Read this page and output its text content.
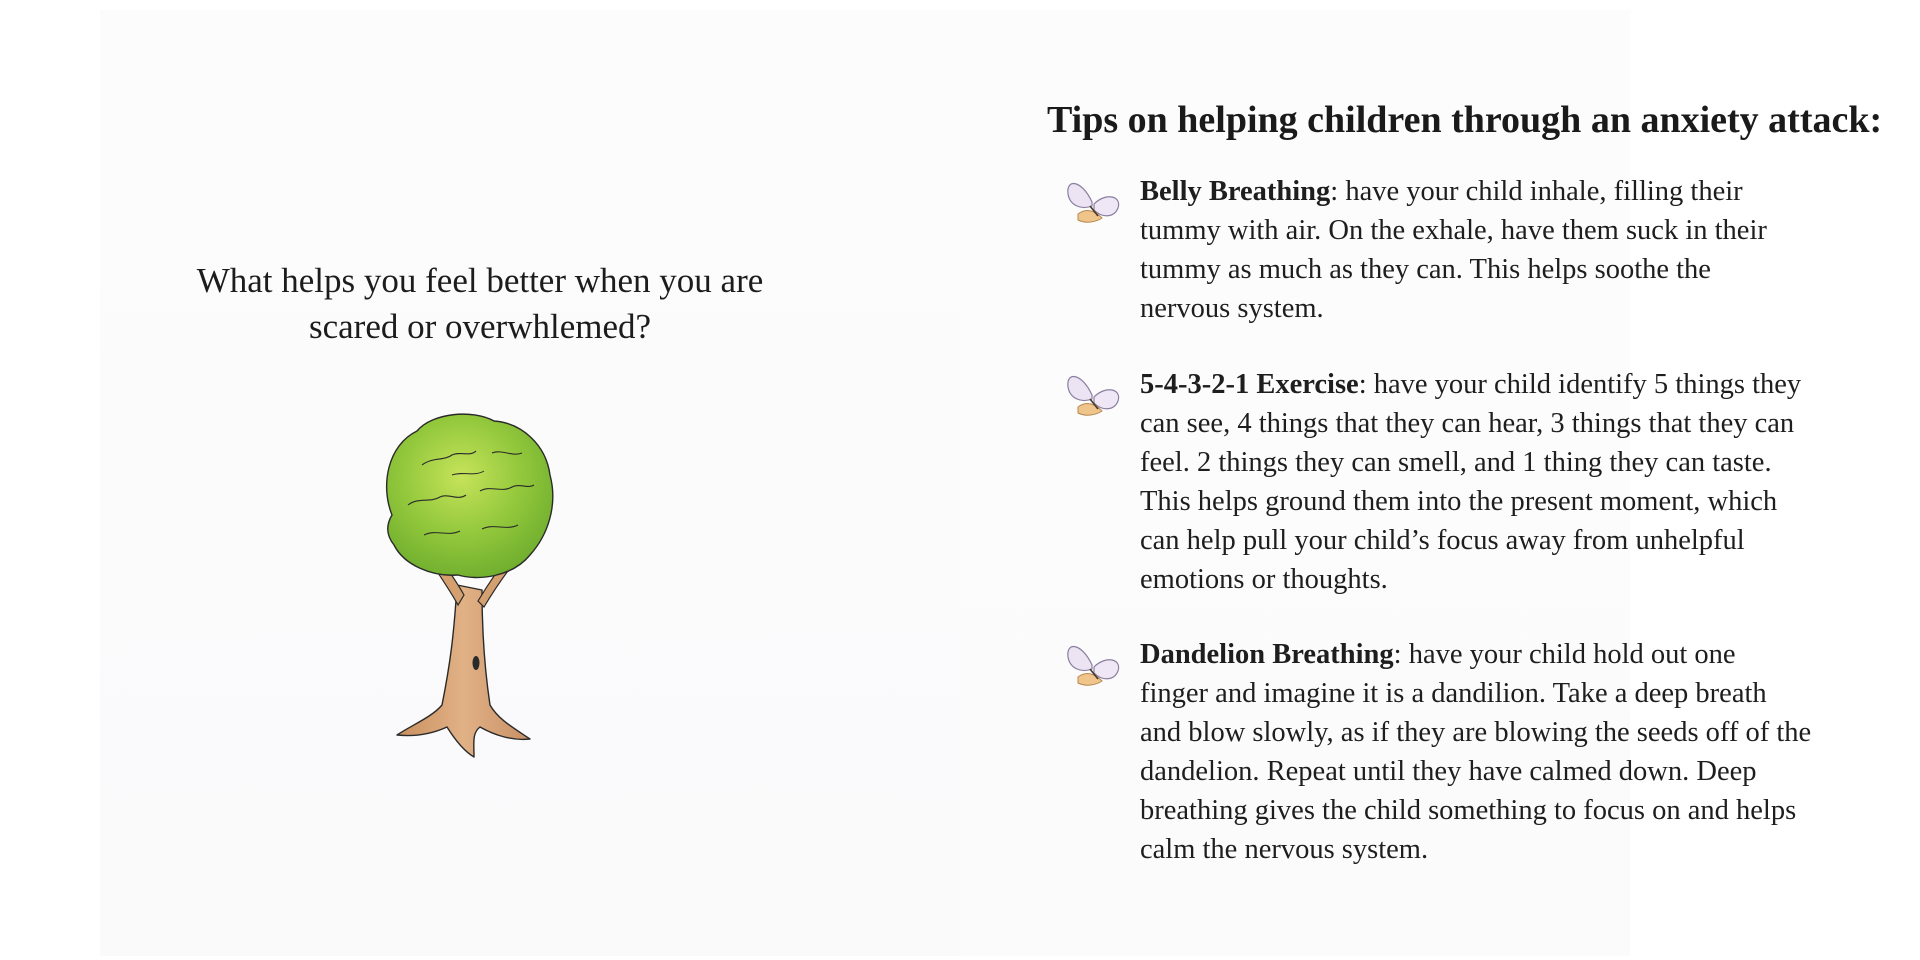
What helps you feel better when you are
scared or overwhlemed?
Tips on helping children through an anxiety attack:
Belly Breathing: have your child inhale, filling their
tummy with air. On the exhale, have them suck in their
tummy as much as they can. This helps soothe the
nervous system.
5-4-3-2-1 Exercise: have your child identify 5 things they
can see, 4 things that they can hear, 3 things that they can
feel. 2 things they can smell, and 1 thing they can taste.
This helps ground them into the present moment, which
can help pull your child’s focus away from unhelpful
emotions or thoughts.
Dandelion Breathing: have your child hold out one
finger and imagine it is a dandilion. Take a deep breath
and blow slowly, as if they are blowing the seeds off of the
dandelion. Repeat until they have calmed down. Deep
breathing gives the child something to focus on and helps
calm the nervous system.
